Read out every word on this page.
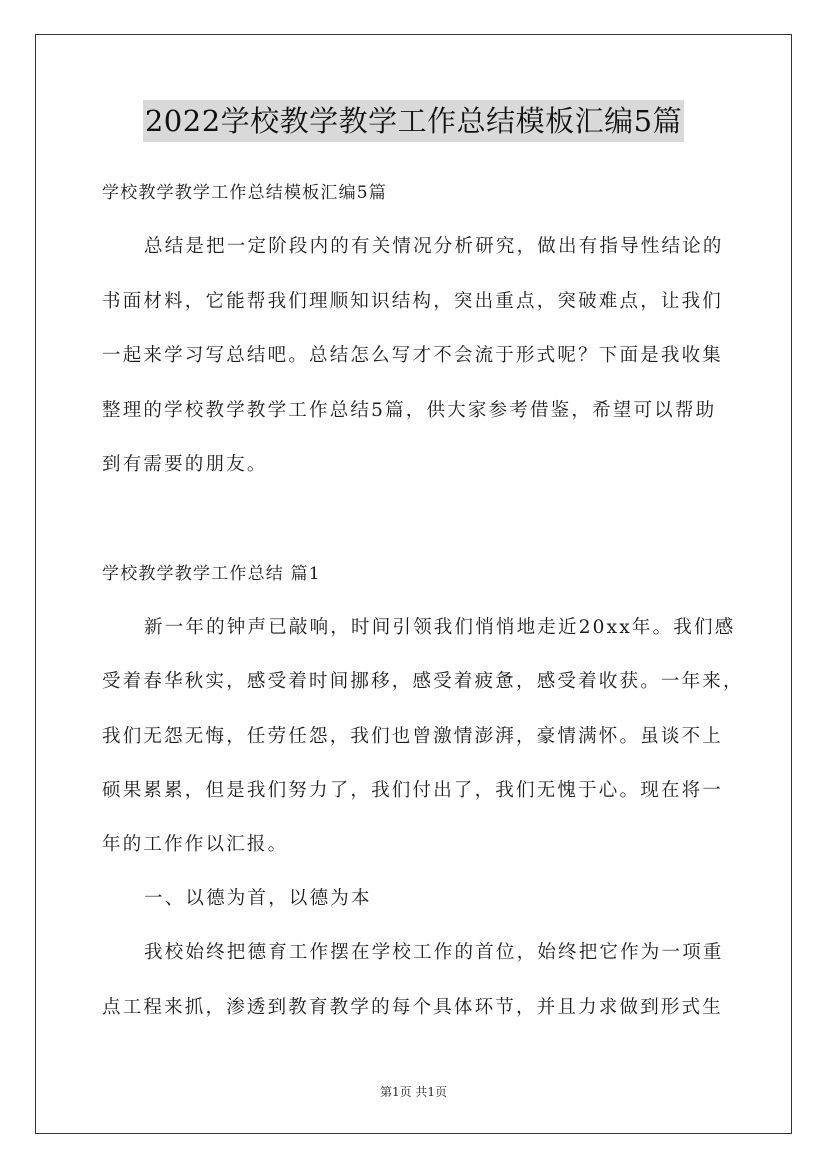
2022学校教学教学工作总结模板汇编5篇
学校教学教学工作总结模板汇编5篇
总结是把一定阶段内的有关情况分析研究，做出有指导性结论的
书面材料，它能帮我们理顺知识结构，突出重点，突破难点，让我们
一起来学习写总结吧。总结怎么写才不会流于形式呢？下面是我收集
整理的学校教学教学工作总结5篇，供大家参考借鉴，希望可以帮助
到有需要的朋友。
学校教学教学工作总结 篇1
新一年的钟声已敲响，时间引领我们悄悄地走近20xx年。我们感
受着春华秋实，感受着时间挪移，感受着疲惫，感受着收获。一年来，
我们无怨无悔，任劳任怨，我们也曾激情澎湃，豪情满怀。虽谈不上
硕果累累，但是我们努力了，我们付出了，我们无愧于心。现在将一
年的工作作以汇报。
一、以德为首，以德为本
我校始终把德育工作摆在学校工作的首位，始终把它作为一项重
点工程来抓，渗透到教育教学的每个具体环节，并且力求做到形式生
第1页 共1页
